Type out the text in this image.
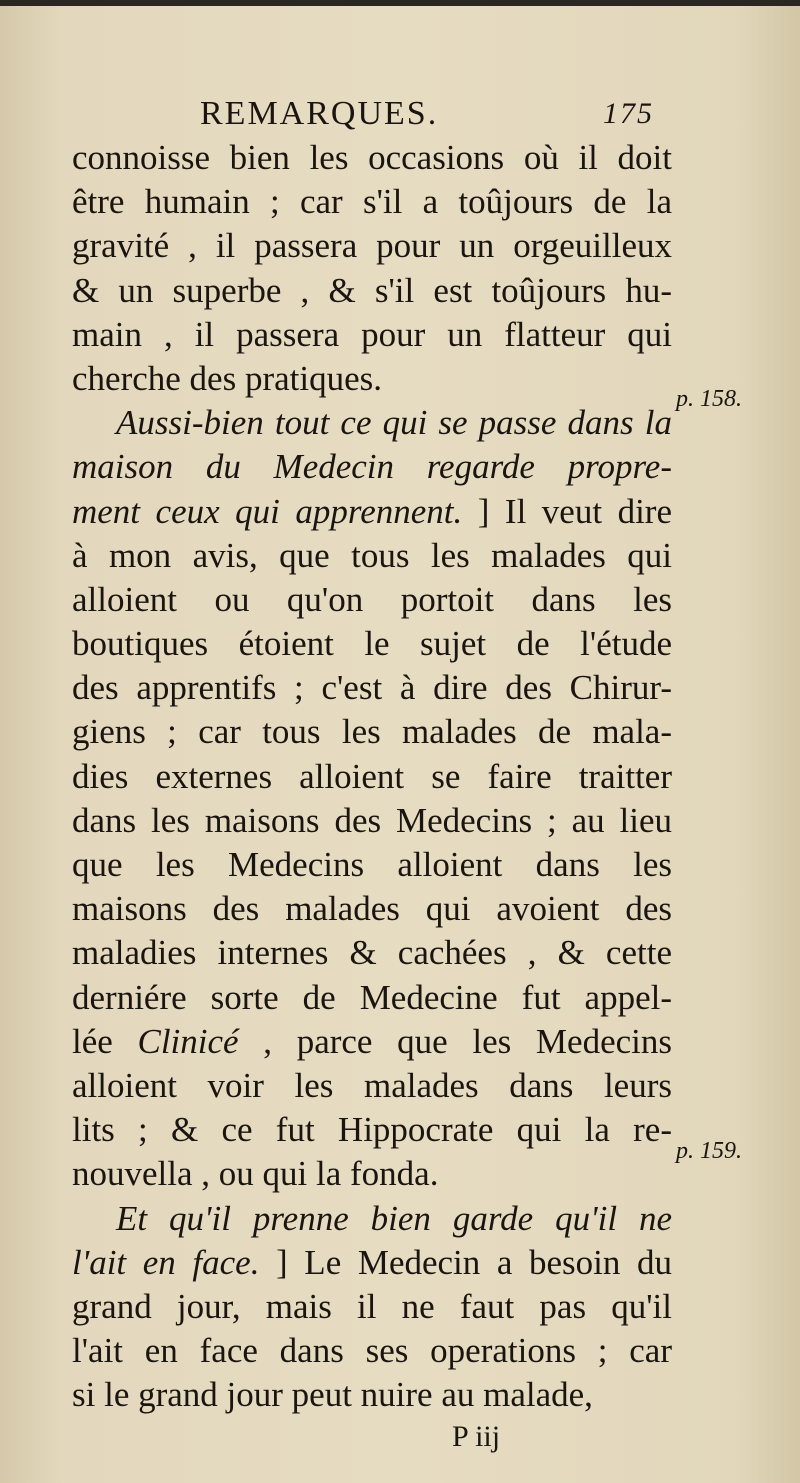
REMARQUES.	175
connoisse bien les occasions où il doit
être humain ; car s'il a toûjours de la
gravité , il passera pour un orgeuilleux
& un superbe , & s'il est toûjours hu-
main , il passera pour un flatteur qui
cherche des pratiques.
Aussi-bien tout ce qui se passe dans la
maison du Medecin regarde propre-
ment ceux qui apprennent. ] Il veut dire
à mon avis, que tous les malades qui
alloient ou qu'on portoit dans les
boutiques étoient le sujet de l'étude
des apprentifs ; c'est à dire des Chirur-
giens ; car tous les malades de mala-
dies externes alloient se faire traitter
dans les maisons des Medecins ; au lieu
que les Medecins alloient dans les
maisons des malades qui avoient des
maladies internes & cachées , & cette
derniére sorte de Medecine fut appel-
lée Clinicé , parce que les Medecins
alloient voir les malades dans leurs
lits ; & ce fut Hippocrate qui la re-
nouvella , ou qui la fonda.
Et qu'il prenne bien garde qu'il ne
l'ait en face. ] Le Medecin a besoin du
grand jour, mais il ne faut pas qu'il
l'ait en face dans ses operations ; car
si le grand jour peut nuire au malade,
p. 158.
p. 159.
P iij
